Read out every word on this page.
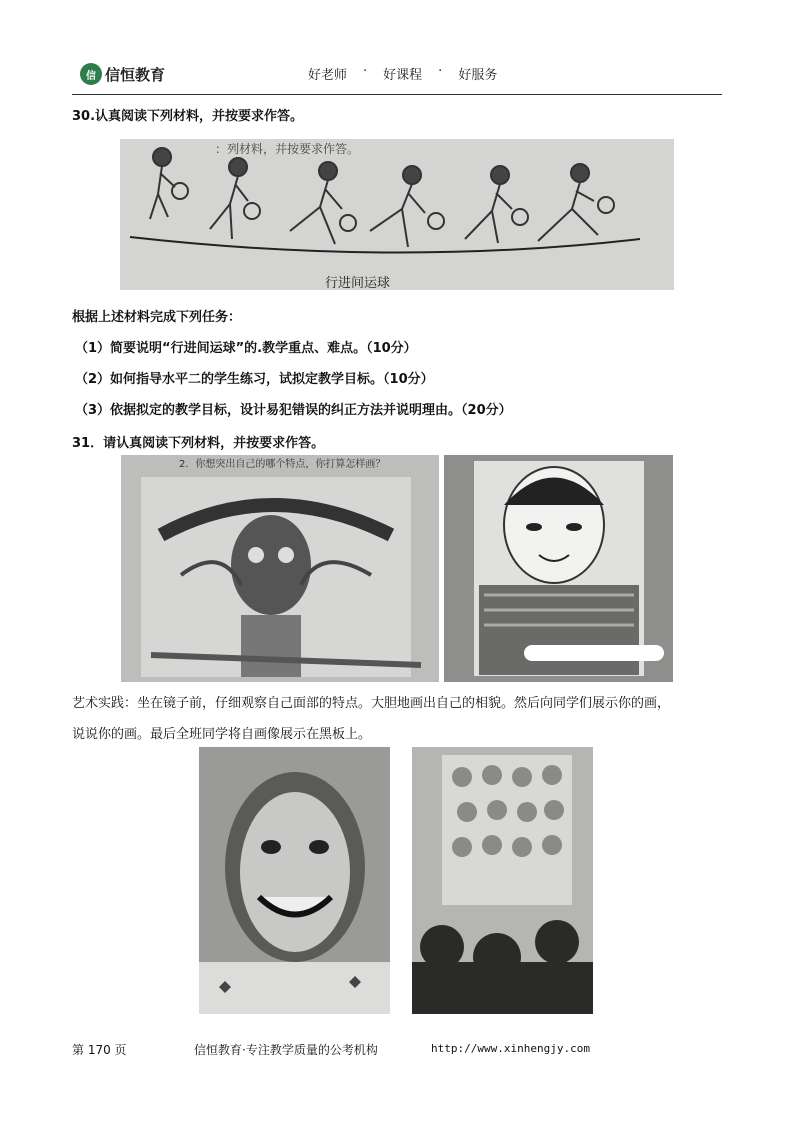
信 信恒教育	好老师 · 好课程 · 好服务
30.认真阅读下列材料，并按要求作答。
：列材料，并按要求作答。
行进间运球
根据上述材料完成下列任务：
（1）简要说明“行进间运球”的.教学重点、难点。（10分）
（2）如何指导水平二的学生练习，试拟定教学目标。（10分）
（3）依据拟定的教学目标，设计易犯错误的纠正方法并说明理由。（20分）
31．请认真阅读下列材料，并按要求作答。
2．你想突出自己的哪个特点，你打算怎样画？
艺术实践：坐在镜子前，仔细观察自己面部的特点。大胆地画出自己的相貌。然后向同学们展示你的画，
说说你的画。最后全班同学将自画像展示在黑板上。
第 170 页	信恒教育·专注教学质量的公考机构	http://www.xinhengjy.com
